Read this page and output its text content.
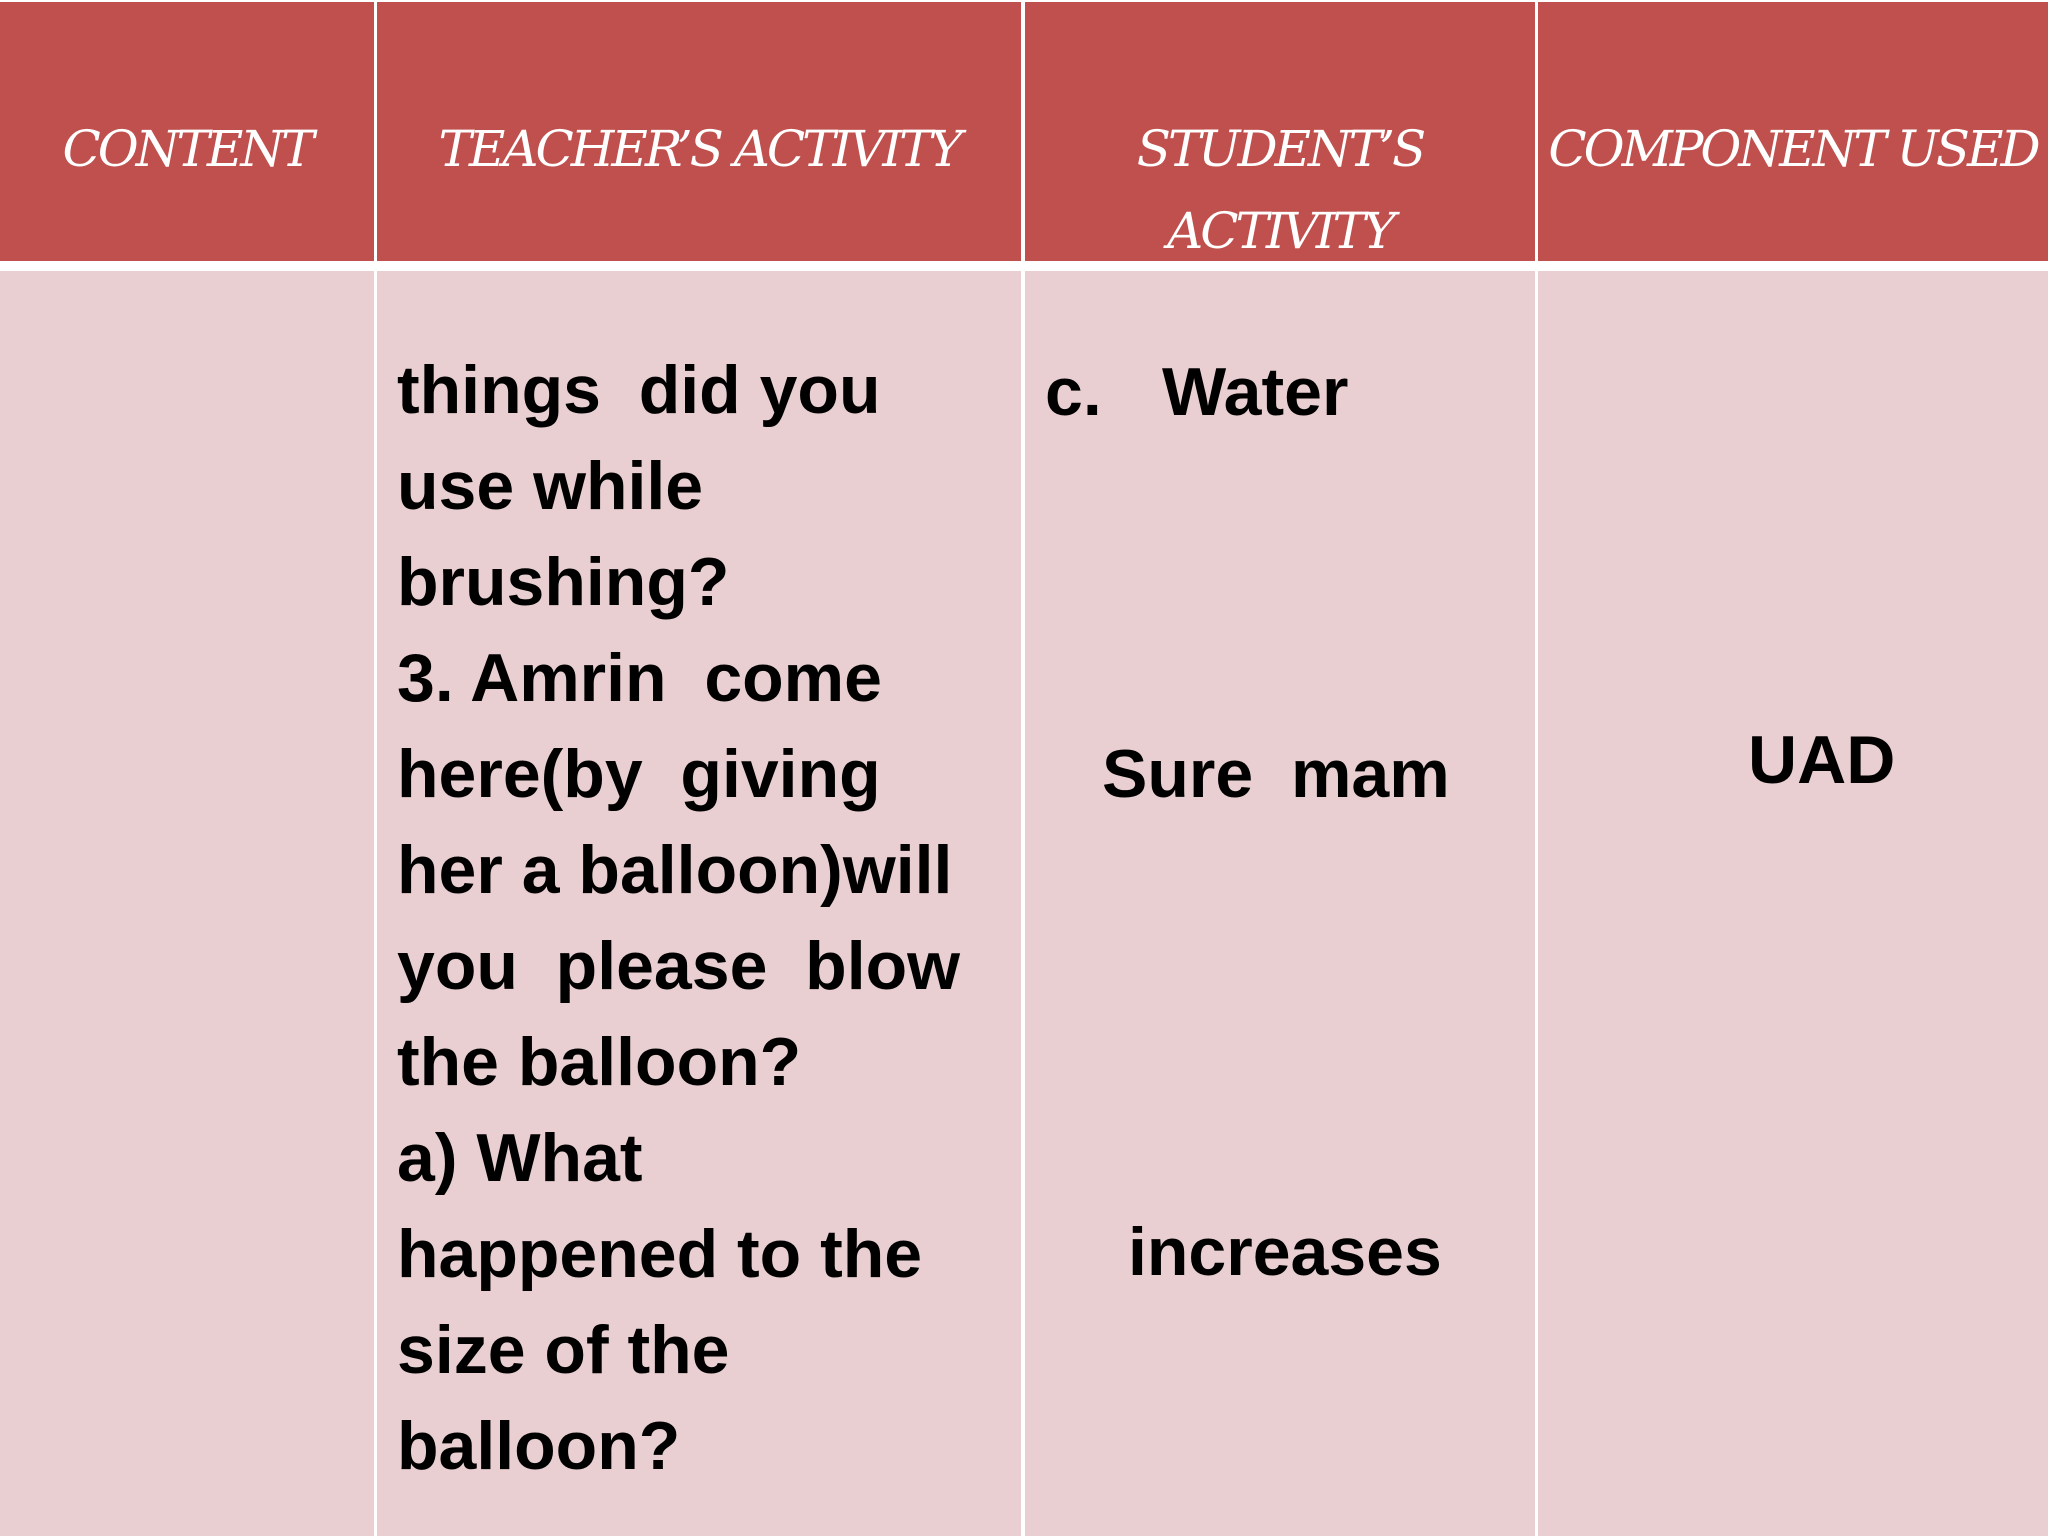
CONTENT	TEACHER’S ACTIVITY	STUDENT’S
ACTIVITY
COMPONENT USED
things  did you
use while
brushing?
3. Amrin  come
here(by  giving
her a balloon)will
you  please  blow
the balloon?
a) What
happened to the
size of the
balloon?
c. Water
Sure  mam
increases
UAD
